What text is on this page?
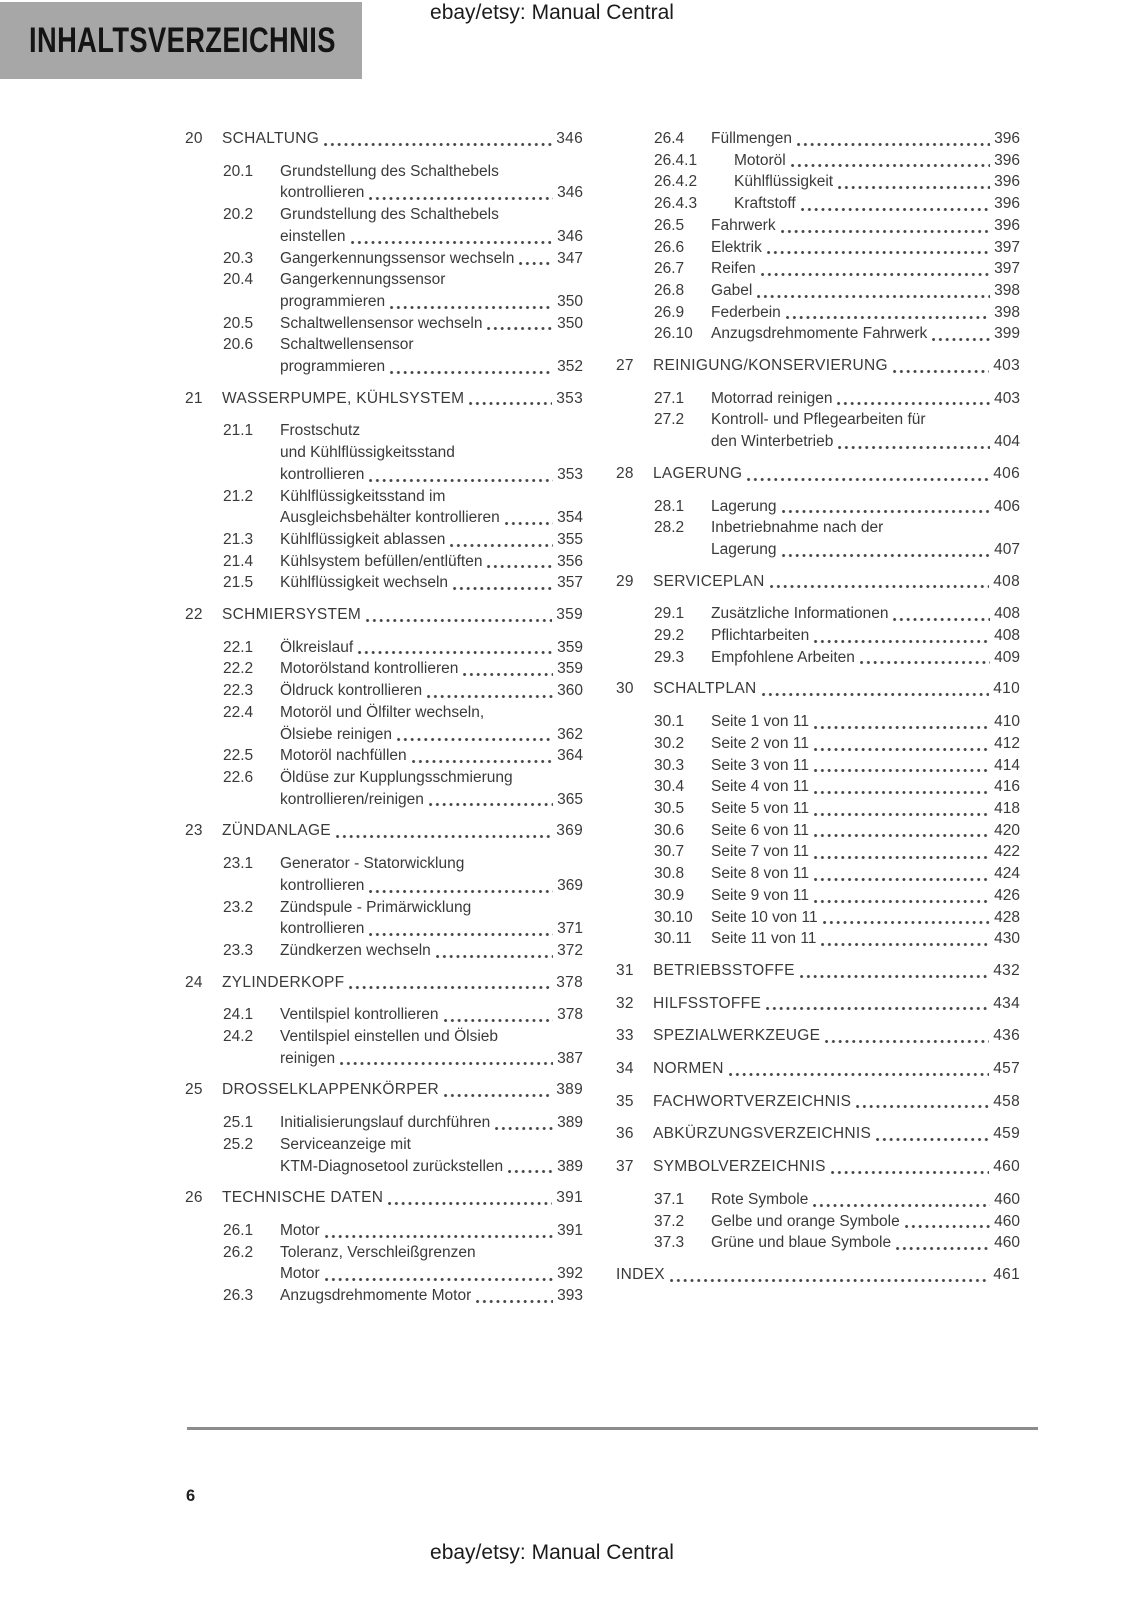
ebay/etsy: Manual Central
INHALTSVERZEICHNIS
20	SCHALTUNG	346
20.1	Grundstellung des Schalthebels
kontrollieren	346
20.2	Grundstellung des Schalthebels
einstellen	346
20.3	Gangerkennungssensor wechseln	347
20.4	Gangerkennungssensor
programmieren	350
20.5	Schaltwellensensor wechseln	350
20.6	Schaltwellensensor
programmieren	352
21	WASSERPUMPE, KÜHLSYSTEM	353
21.1	Frostschutz
und Kühlflüssigkeitsstand
kontrollieren	353
21.2	Kühlflüssigkeitsstand im
Ausgleichsbehälter kontrollieren	354
21.3	Kühlflüssigkeit ablassen	355
21.4	Kühlsystem befüllen/entlüften	356
21.5	Kühlflüssigkeit wechseln	357
22	SCHMIERSYSTEM	359
22.1	Ölkreislauf	359
22.2	Motorölstand kontrollieren	359
22.3	Öldruck kontrollieren	360
22.4	Motoröl und Ölfilter wechseln,
Ölsiebe reinigen	362
22.5	Motoröl nachfüllen	364
22.6	Öldüse zur Kupplungsschmierung
kontrollieren/reinigen	365
23	ZÜNDANLAGE	369
23.1	Generator - Statorwicklung
kontrollieren	369
23.2	Zündspule - Primärwicklung
kontrollieren	371
23.3	Zündkerzen wechseln	372
24	ZYLINDERKOPF	378
24.1	Ventilspiel kontrollieren	378
24.2	Ventilspiel einstellen und Ölsieb
reinigen	387
25	DROSSELKLAPPENKÖRPER	389
25.1	Initialisierungslauf durchführen	389
25.2	Serviceanzeige mit
KTM-Diagnosetool zurückstellen	389
26	TECHNISCHE DATEN	391
26.1	Motor	391
26.2	Toleranz, Verschleißgrenzen
Motor	392
26.3	Anzugsdrehmomente Motor	393
26.4	Füllmengen	396
26.4.1	Motoröl	396
26.4.2	Kühlflüssigkeit	396
26.4.3	Kraftstoff	396
26.5	Fahrwerk	396
26.6	Elektrik	397
26.7	Reifen	397
26.8	Gabel	398
26.9	Federbein	398
26.10	Anzugsdrehmomente Fahrwerk	399
27	REINIGUNG/KONSERVIERUNG	403
27.1	Motorrad reinigen	403
27.2	Kontroll- und Pflegearbeiten für
den Winterbetrieb	404
28	LAGERUNG	406
28.1	Lagerung	406
28.2	Inbetriebnahme nach der
Lagerung	407
29	SERVICEPLAN	408
29.1	Zusätzliche Informationen	408
29.2	Pflichtarbeiten	408
29.3	Empfohlene Arbeiten	409
30	SCHALTPLAN	410
30.1	Seite 1 von 11	410
30.2	Seite 2 von 11	412
30.3	Seite 3 von 11	414
30.4	Seite 4 von 11	416
30.5	Seite 5 von 11	418
30.6	Seite 6 von 11	420
30.7	Seite 7 von 11	422
30.8	Seite 8 von 11	424
30.9	Seite 9 von 11	426
30.10	Seite 10 von 11	428
30.11	Seite 11 von 11	430
31	BETRIEBSSTOFFE	432
32	HILFSSTOFFE	434
33	SPEZIALWERKZEUGE	436
34	NORMEN	457
35	FACHWORTVERZEICHNIS	458
36	ABKÜRZUNGSVERZEICHNIS	459
37	SYMBOLVERZEICHNIS	460
37.1	Rote Symbole	460
37.2	Gelbe und orange Symbole	460
37.3	Grüne und blaue Symbole	460
INDEX	461
6
ebay/etsy: Manual Central
